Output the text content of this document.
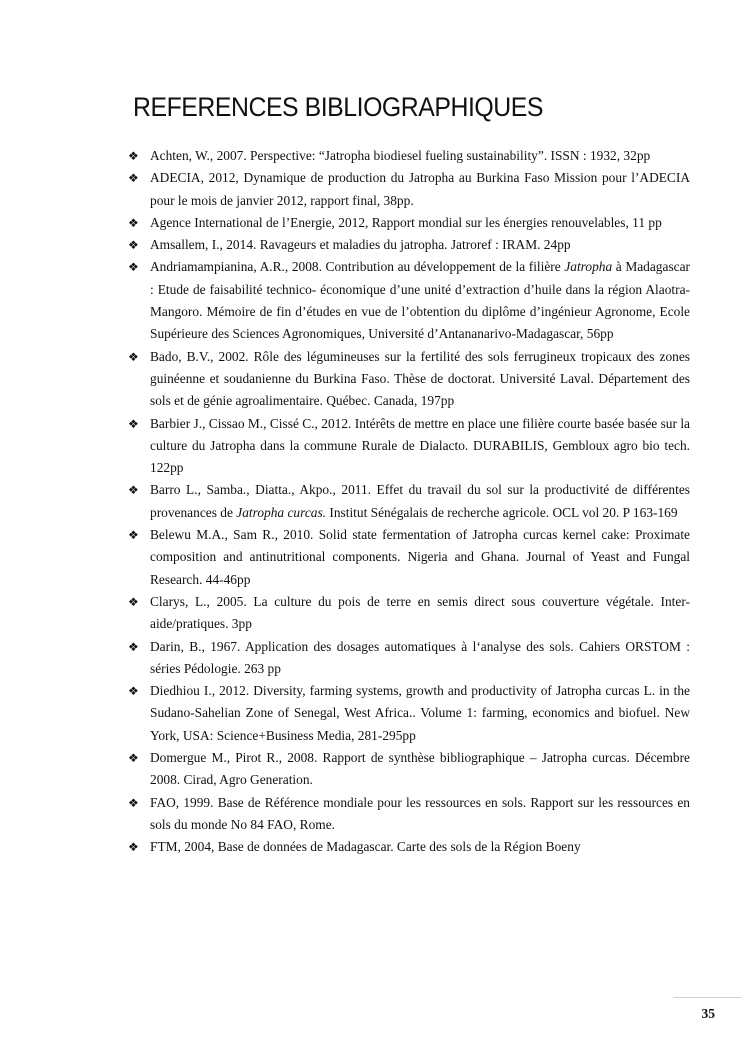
REFERENCES BIBLIOGRAPHIQUES
❖ Achten, W., 2007. Perspective: “Jatropha biodiesel fueling sustainability”. ISSN : 1932, 32pp
❖ ADECIA, 2012, Dynamique de production du Jatropha au Burkina Faso Mission pour l’ADECIA pour le mois de janvier 2012, rapport final, 38pp.
❖ Agence International de l’Energie, 2012, Rapport mondial sur les énergies renouvelables, 11 pp
❖ Amsallem, I., 2014. Ravageurs et maladies du jatropha. Jatroref : IRAM. 24pp
❖ Andriamampianina, A.R., 2008. Contribution au développement de la filière Jatropha à Madagascar : Etude de faisabilité technico- économique d’une unité d’extraction d’huile dans la région Alaotra-Mangoro. Mémoire de fin d’études en vue de l’obtention du diplôme d’ingénieur Agronome, Ecole Supérieure des Sciences Agronomiques, Université d’Antananarivo-Madagascar, 56pp
❖ Bado, B.V., 2002. Rôle des légumineuses sur la fertilité des sols ferrugineux tropicaux des zones guinéenne et soudanienne du Burkina Faso. Thèse de doctorat. Université Laval. Département des sols et de génie agroalimentaire. Québec. Canada, 197pp
❖ Barbier J., Cissao M., Cissé C., 2012. Intérêts de mettre en place une filière courte basée basée sur la culture du Jatropha dans la commune Rurale de Dialacto. DURABILIS, Gembloux agro bio tech. 122pp
❖ Barro L., Samba., Diatta., Akpo., 2011. Effet du travail du sol sur la productivité de différentes provenances de Jatropha curcas. Institut Sénégalais de recherche agricole. OCL vol 20. P 163-169
❖ Belewu M.A., Sam R., 2010. Solid state fermentation of Jatropha curcas kernel cake: Proximate composition and antinutritional components. Nigeria and Ghana. Journal of Yeast and Fungal Research. 44-46pp
❖ Clarys, L., 2005. La culture du pois de terre en semis direct sous couverture végétale. Inter-aide/pratiques. 3pp
❖ Darin, B., 1967. Application des dosages automatiques à l‘analyse des sols. Cahiers ORSTOM : séries Pédologie. 263 pp
❖ Diedhiou I., 2012. Diversity, farming systems, growth and productivity of Jatropha curcas L. in the Sudano-Sahelian Zone of Senegal, West Africa.. Volume 1: farming, economics and biofuel. New York, USA: Science+Business Media, 281-295pp
❖ Domergue M., Pirot R., 2008. Rapport de synthèse bibliographique – Jatropha curcas. Décembre 2008. Cirad, Agro Generation.
❖ FAO, 1999. Base de Référence mondiale pour les ressources en sols. Rapport sur les ressources en sols du monde No 84 FAO, Rome.
❖ FTM, 2004, Base de données de Madagascar. Carte des sols de la Région Boeny
35
